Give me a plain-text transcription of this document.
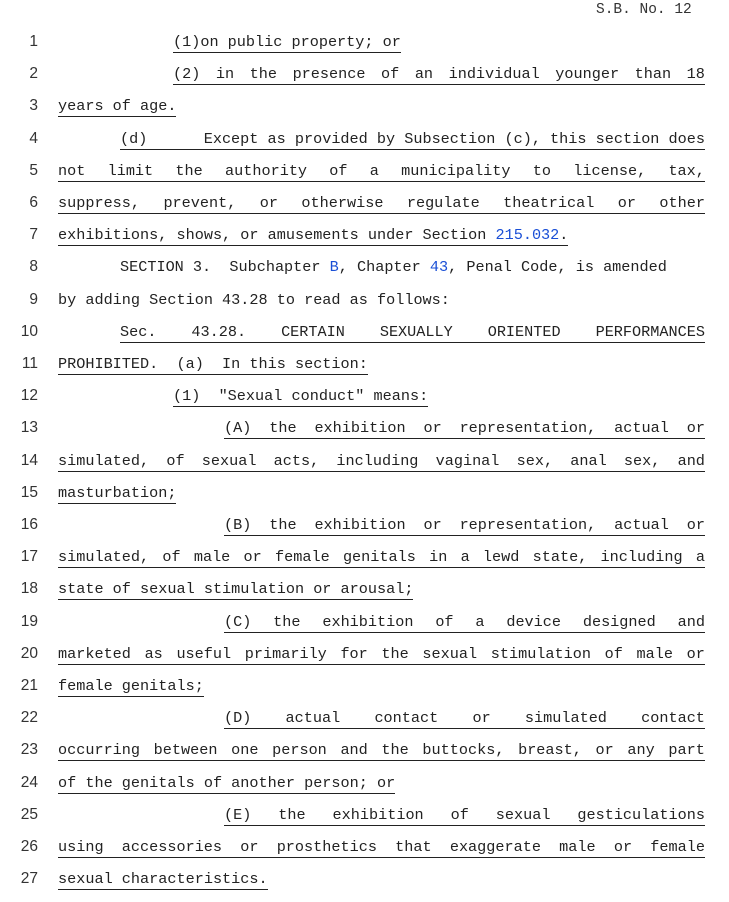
S.B. No. 12
1	(1)on public property; or
2	(2) in the presence of an individual younger than 18
3 years of age.
4	(d)	Except as provided by Subsection (c), this section does
5 not limit the authority of a municipality to license, tax,
6 suppress, prevent, or otherwise regulate theatrical or other
7 exhibitions, shows, or amusements under Section 215.032.
8	SECTION 3.  Subchapter B, Chapter 43, Penal Code, is amended
9 by adding Section 43.28 to read as follows:
10	Sec. 43.28. CERTAIN SEXUALLY ORIENTED PERFORMANCES
11 PROHIBITED.  (a)  In this section:
12	(1)  "Sexual conduct" means:
13	(A) the exhibition or representation, actual or
14 simulated, of sexual acts, including vaginal sex, anal sex, and
15 masturbation;
16	(B) the exhibition or representation, actual or
17 simulated, of male or female genitals in a lewd state, including a
18 state of sexual stimulation or arousal;
19	(C) the exhibition of a device designed and
20 marketed as useful primarily for the sexual stimulation of male or
21 female genitals;
22	(D) actual contact or simulated contact
23 occurring between one person and the buttocks, breast, or any part
24 of the genitals of another person; or
25	(E) the exhibition of sexual gesticulations
26 using accessories or prosthetics that exaggerate male or female
27 sexual characteristics.
